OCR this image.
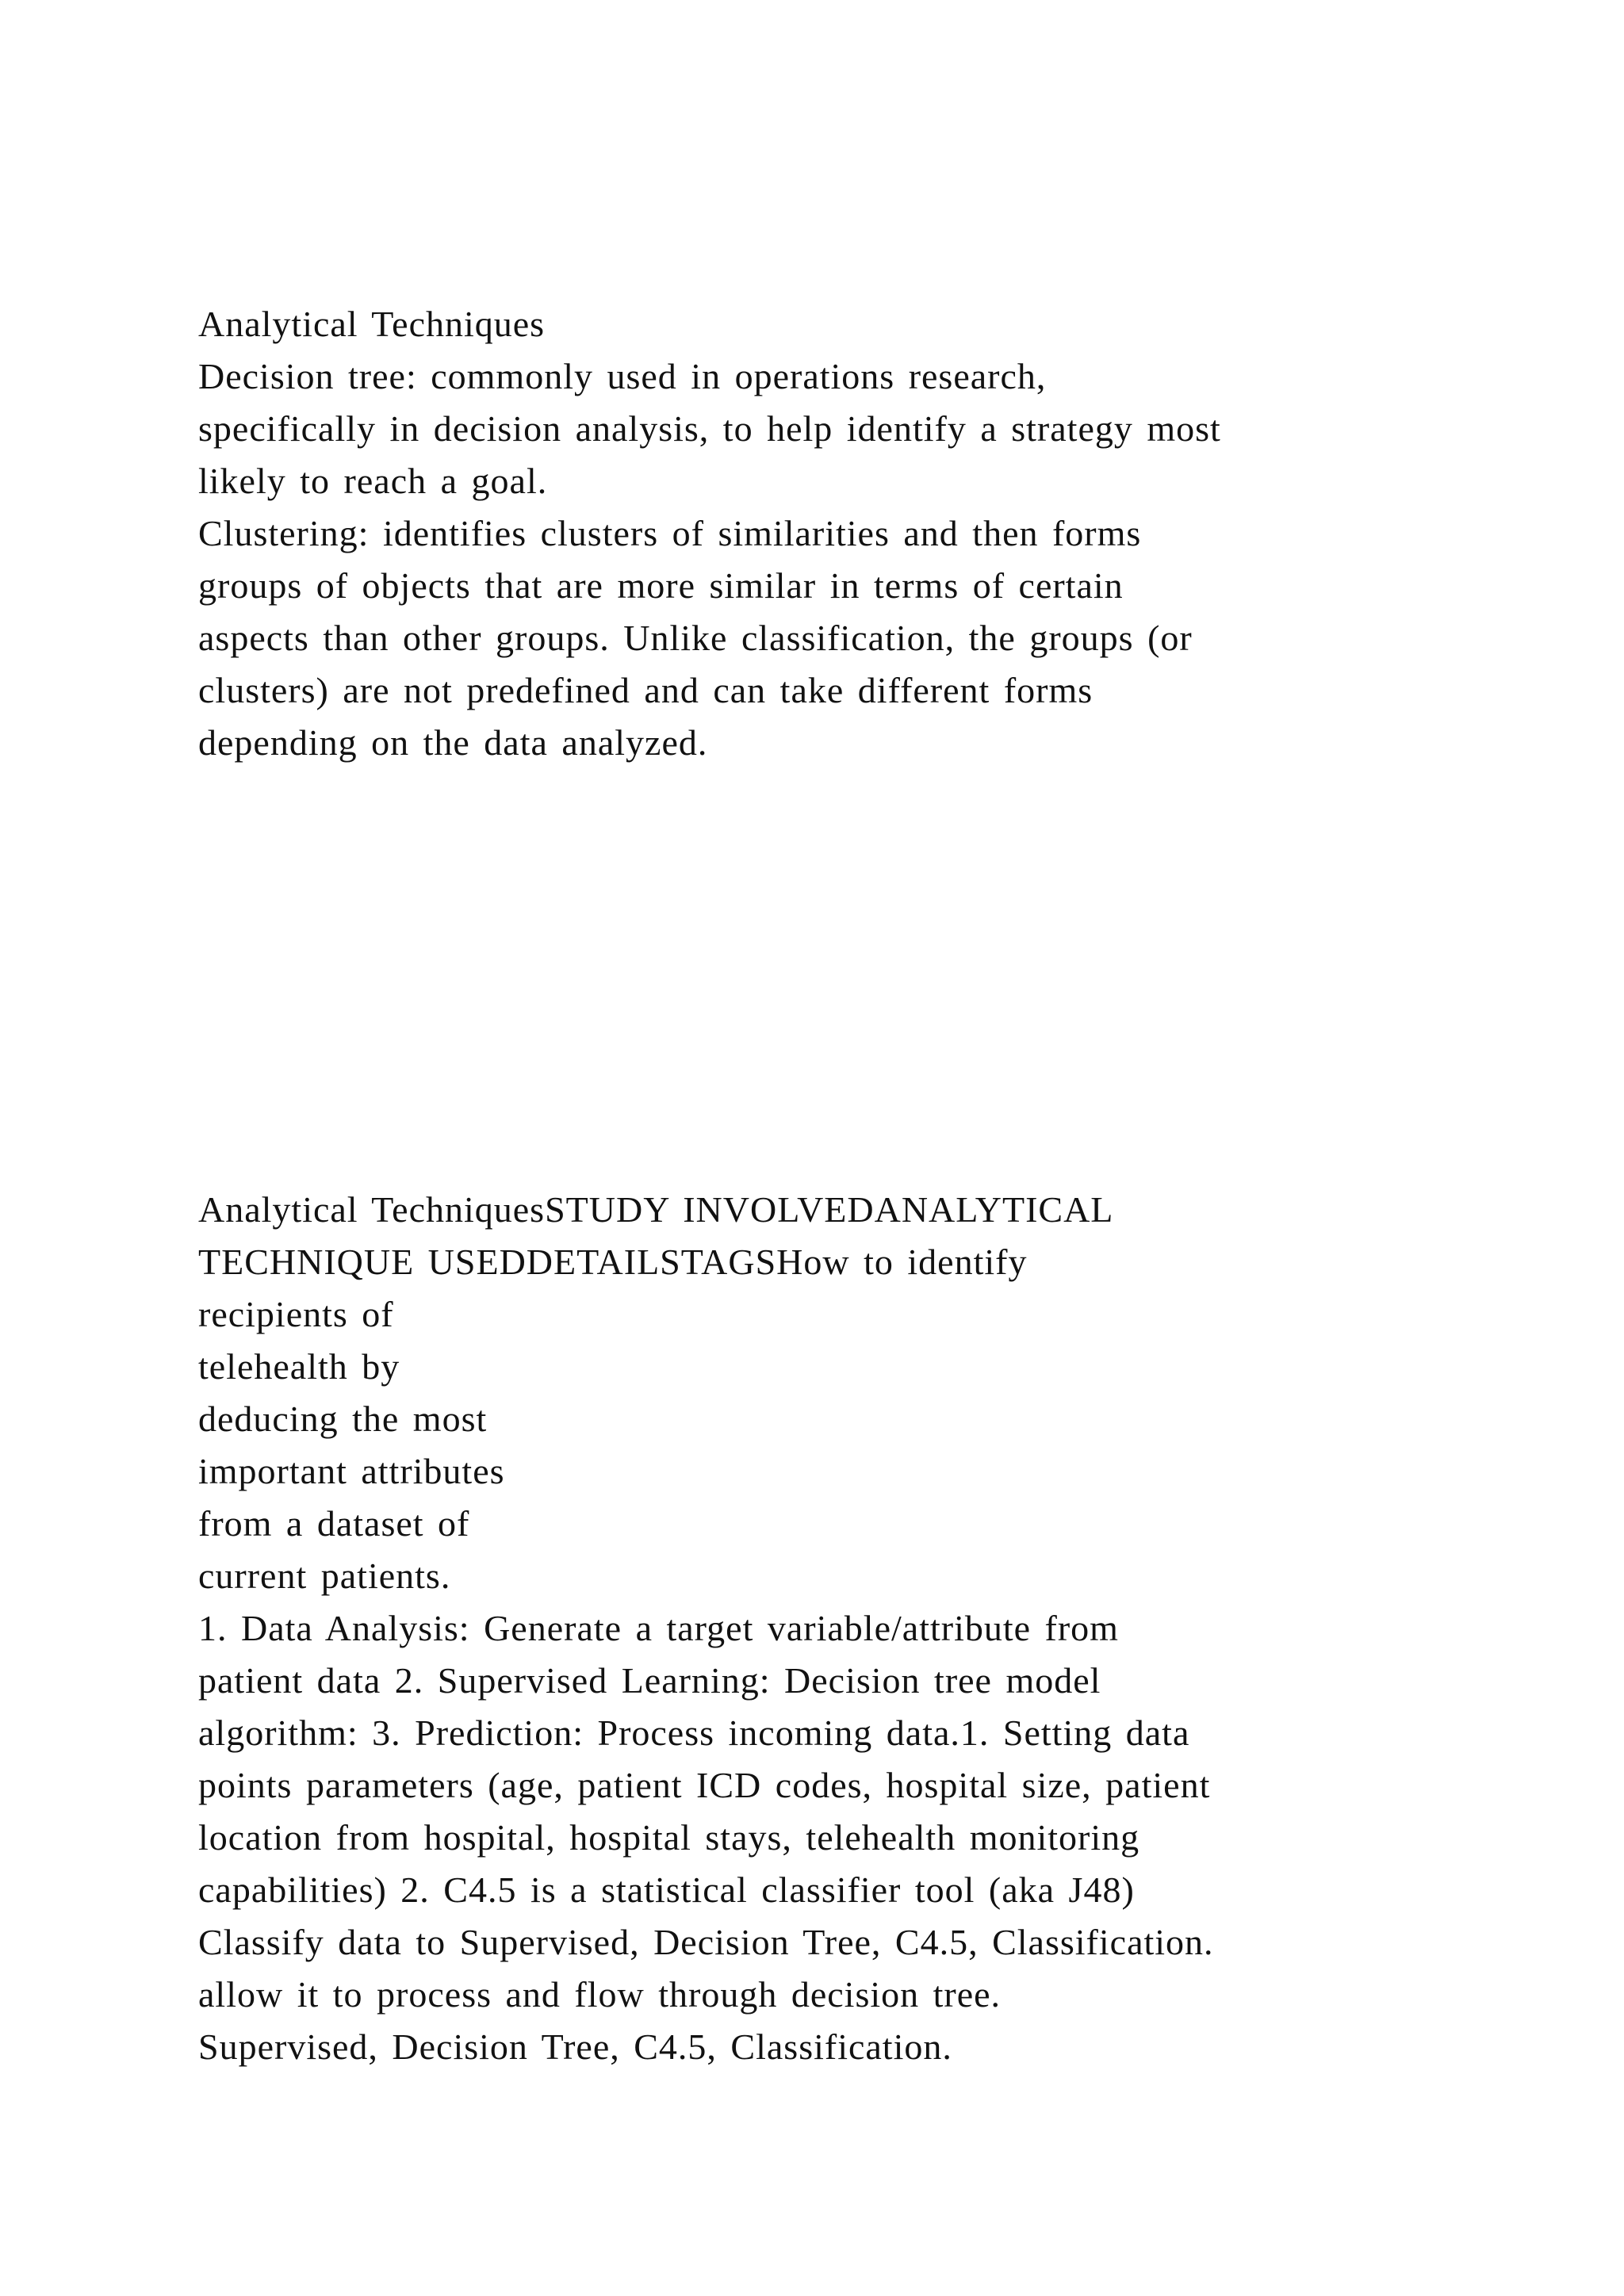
Analytical Techniques
Decision tree: commonly used in operations research,
specifically in decision analysis, to help identify a strategy most
likely to reach a goal.
Clustering: identifies clusters of similarities and then forms
groups of objects that are more similar in terms of certain
aspects than other groups. Unlike classification, the groups (or
clusters) are not predefined and can take different forms
depending on the data analyzed.
Analytical TechniquesSTUDY INVOLVEDANALYTICAL
TECHNIQUE USEDDETAILSTAGSHow to identify
recipients of
telehealth by
deducing the most
important attributes
from a dataset of
current patients.
1. Data Analysis: Generate a target variable/attribute from
patient data 2. Supervised Learning: Decision tree model
algorithm: 3. Prediction: Process incoming data.1. Setting data
points parameters (age, patient ICD codes, hospital size, patient
location from hospital, hospital stays, telehealth monitoring
capabilities) 2. C4.5 is a statistical classifier tool (aka J48)
Classify data to Supervised, Decision Tree, C4.5, Classification.
allow it to process and flow through decision tree.
Supervised, Decision Tree, C4.5, Classification.
